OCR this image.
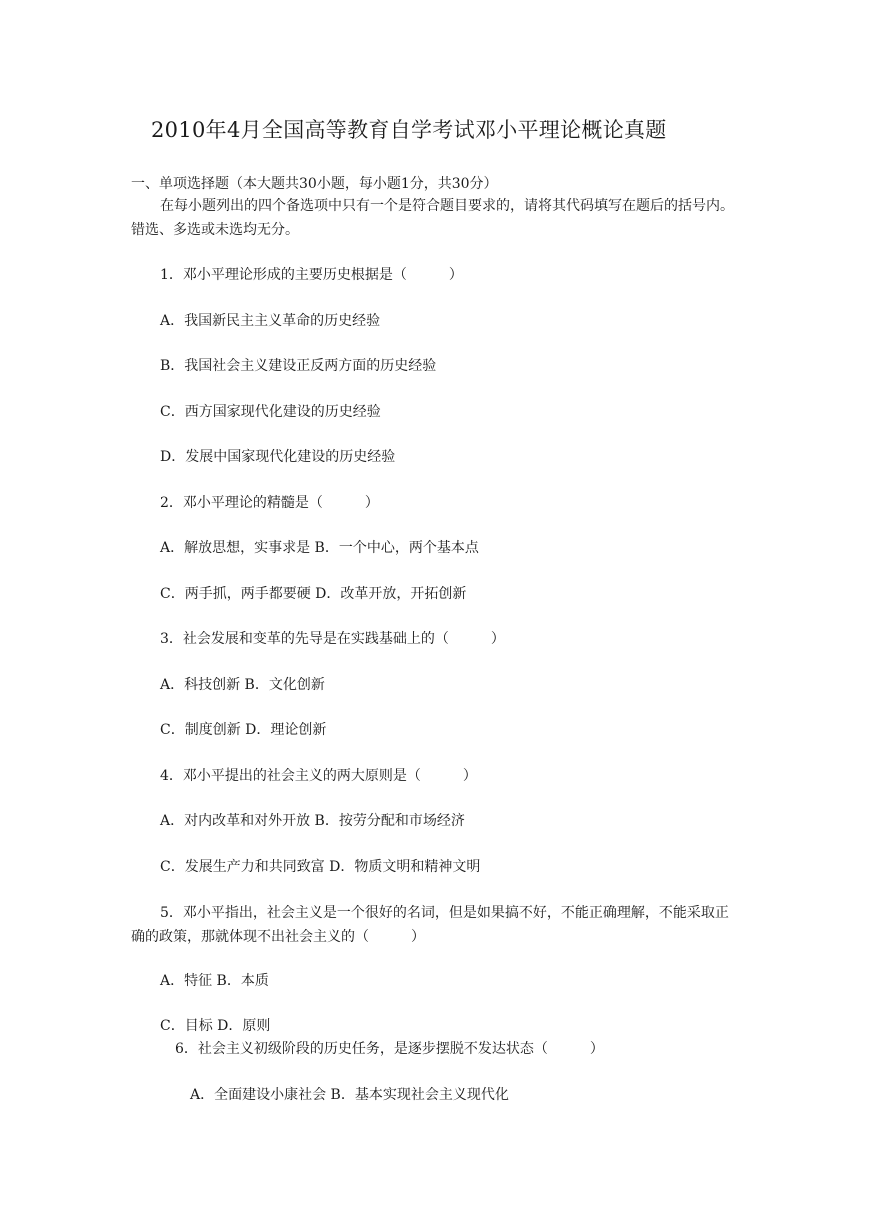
2010年4月全国高等教育自学考试邓小平理论概论真题
一、单项选择题（本大题共30小题，每小题1分，共30分）
在每小题列出的四个备选项中只有一个是符合题目要求的，请将其代码填写在题后的括号内。错选、多选或未选均无分。
1．邓小平理论形成的主要历史根据是（　　　）
A．我国新民主主义革命的历史经验
B．我国社会主义建设正反两方面的历史经验
C．西方国家现代化建设的历史经验
D．发展中国家现代化建设的历史经验
2．邓小平理论的精髓是（　　　）
A．解放思想，实事求是 B．一个中心，两个基本点
C．两手抓，两手都要硬 D．改革开放，开拓创新
3．社会发展和变革的先导是在实践基础上的（　　　）
A．科技创新 B．文化创新
C．制度创新 D．理论创新
4．邓小平提出的社会主义的两大原则是（　　　）
A．对内改革和对外开放 B．按劳分配和市场经济
C．发展生产力和共同致富 D．物质文明和精神文明
5．邓小平指出，社会主义是一个很好的名词，但是如果搞不好，不能正确理解，不能采取正确的政策，那就体现不出社会主义的（　　　）
A．特征 B．本质
C．目标 D．原则
6．社会主义初级阶段的历史任务，是逐步摆脱不发达状态（　　　）
A．全面建设小康社会 B．基本实现社会主义现代化
